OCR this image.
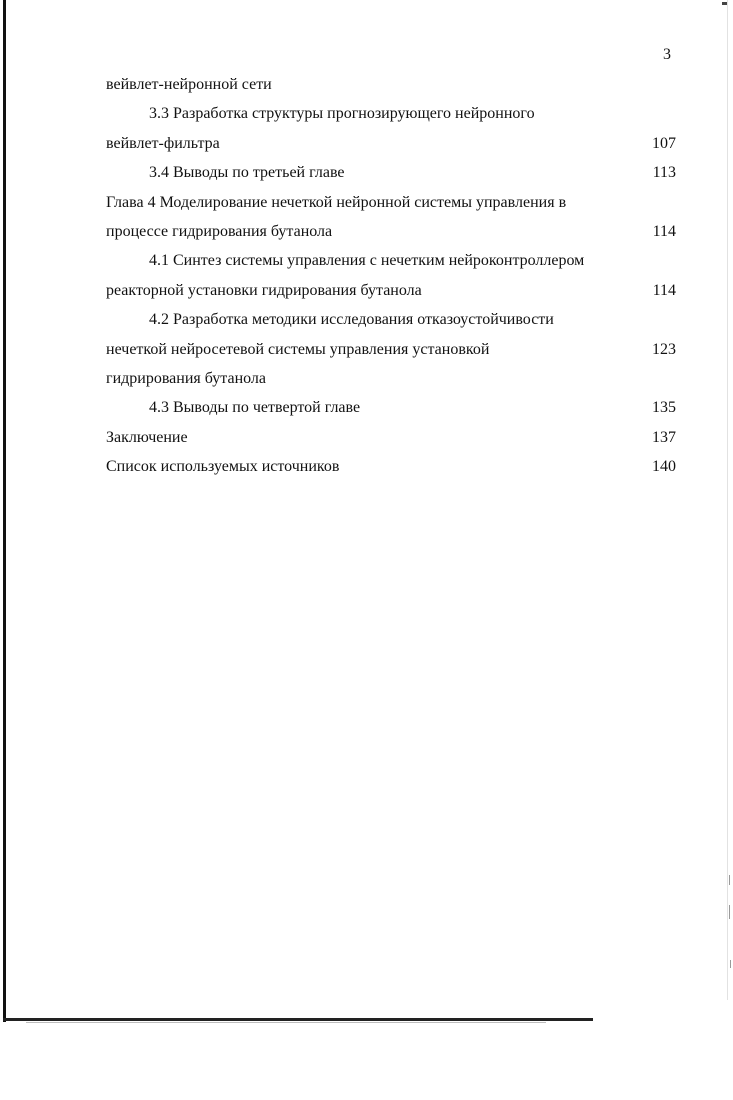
3
вейвлет-нейронной сети
3.3 Разработка структуры прогнозирующего нейронного
вейвлет-фильтра	107
3.4 Выводы по третьей главе	113
Глава 4 Моделирование нечеткой нейронной системы управления в
процессе гидрирования бутанола	114
4.1 Синтез системы управления с нечетким нейроконтроллером
реакторной установки гидрирования бутанола	114
4.2 Разработка методики исследования отказоустойчивости
нечеткой нейросетевой системы управления установкой	123
гидрирования бутанола
4.3 Выводы по четвертой главе	135
Заключение	137
Список используемых источников	140
